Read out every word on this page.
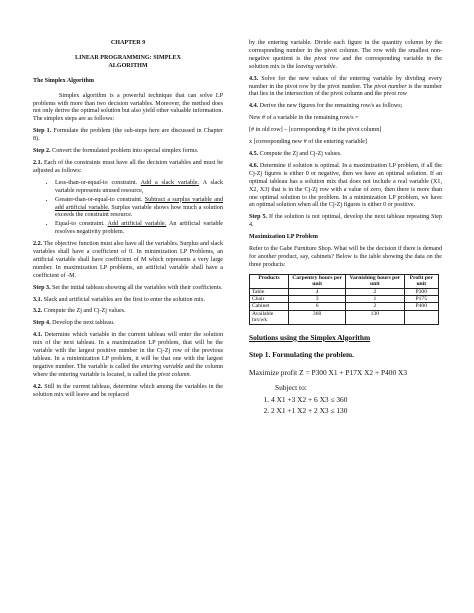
CHAPTER 9
LINEAR PROGRAMMING: SIMPLEX
ALGORITHM
The Simplex Algorithm

Simplex algorithm is a powerful technique that can solve LP problems with more than two decision variables. Moreover, the method does not only derive the optimal solution but also yield other valuable information. The simplex steps are as follows:

Step 1. Formulate the problem (the sub-steps here are discussed in Chapter 8).

Step 2. Convert the formulated problem into special simplex forms.

2.1. Each of the constraints must have all the decision variables and must be adjusted as follows:

• Less-than-or-equal-to constraint. Add a slack variable. A slack variable represents unused resource,
• Greater-than-or-equal-to constraint. Subtract a surplus variable and add artificial variable. Surplus variable shows how much a solution exceeds the constraint resource.
• Equal-to constraint. Add artificial variable. An artificial variable resolves negativity problem.

2.2. The objective function must also have all the variables. Surplus and slack variables shall have a coefficient of 0. In minimization LP Problems, an artificial variable shall have coefficient of M which represents a very large number. In maximization LP problems, an artificial variable shall have a coefficient of -M.

Step 3. Set the initial tableau showing all the variables with their coefficients.

3.1. Slack and artificial variables are the first to enter the solution mix.

3.2. Compute the Zj and Cj-Zj values.

Step 4. Develop the next tableau.

4.1. Determine which variable in the current tableau will enter the solution mix of the next tableau. In a maximization LP problem, that will be the variable with the largest positive number in the Cj-Zj row of the previous tableau. In a minimization LP problem, it will be that one with the largest negative number. The variable is called the entering variable and the column where the entering variable is located, is called the pivot column.

4.2. Still in the current tableau, determine which among the variables in the solution mix will leave and be replaced

by the entering variable. Divide each figure in the quantity column by the corresponding number in the pivot column. The row with the smallest non-negative quotient is the pivot row and the corresponding variable in the solution mix is the leaving variable.

4.3. Solve for the new values of the entering variable by dividing every number in the pivot row by the pivot number. The pivot number is the number that lies in the intersection of the pivot column and the pivot row

4.4. Derive the new figures for the remaining row/s as follows;

New # of a variable in the remaining row/s =

[# in old row] – [corresponding # in the pivot column]

x [corresponding new # of the entering variable]

4.5. Compute the Zj and Cj-Zj values.

4.6. Determine if solution is optimal. In a maximization LP problem, if all the Cj-Zj figures is either 0 or negative, then we have an optimal solution. If an optimal tableau has a solution mix that does not include a real variable (X1, X2, X3) that is in the Cj-Zj row with a value of zero, then there is more than one optimal solution to the problem. In a minimization LP problem, we have an optimal solution when all the Cj-Zj figures is either 0 or positive.

Step 5. If the solution is not optimal, develop the next tableau repeating Step 4.

Maximization LP Problem

Refer to the Gabe Furniture Shop. What will be the decision if there is demand for another product, say, cabinets? Below is the table showing the data on the three products:

Products	Carpentry hours per unit	Varnishing hours per unit	Profit per unit
Table	4	2	P300
Chair	3	1	P175
Cabinet	6	2	P400
Available hrs/wk	360	130	
Solutions using the Simplex Algorithm
Step 1. Formulating the problem.
Maximize profit Z = P300 X1 + P17X X2 + P400 X3
Subject to:
1. 4 X1 +3 X2 + 6 X3 ≤ 360
2. 2 X1 +1 X2 + 2 X3 ≤ 130
